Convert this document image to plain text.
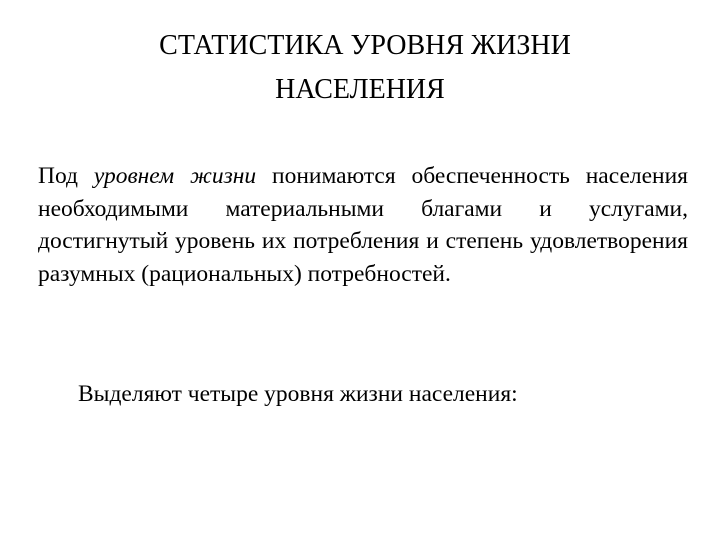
СТАТИСТИКА УРОВНЯ ЖИЗНИ
НАСЕЛЕНИЯ

Под уровнем жизни понимаются обеспеченность населения необходимыми материальными благами и услугами, достигнутый уровень их потребления и степень удовлетворения разумных (рациональных) потребностей.

Выделяют четыре уровня жизни населения:
